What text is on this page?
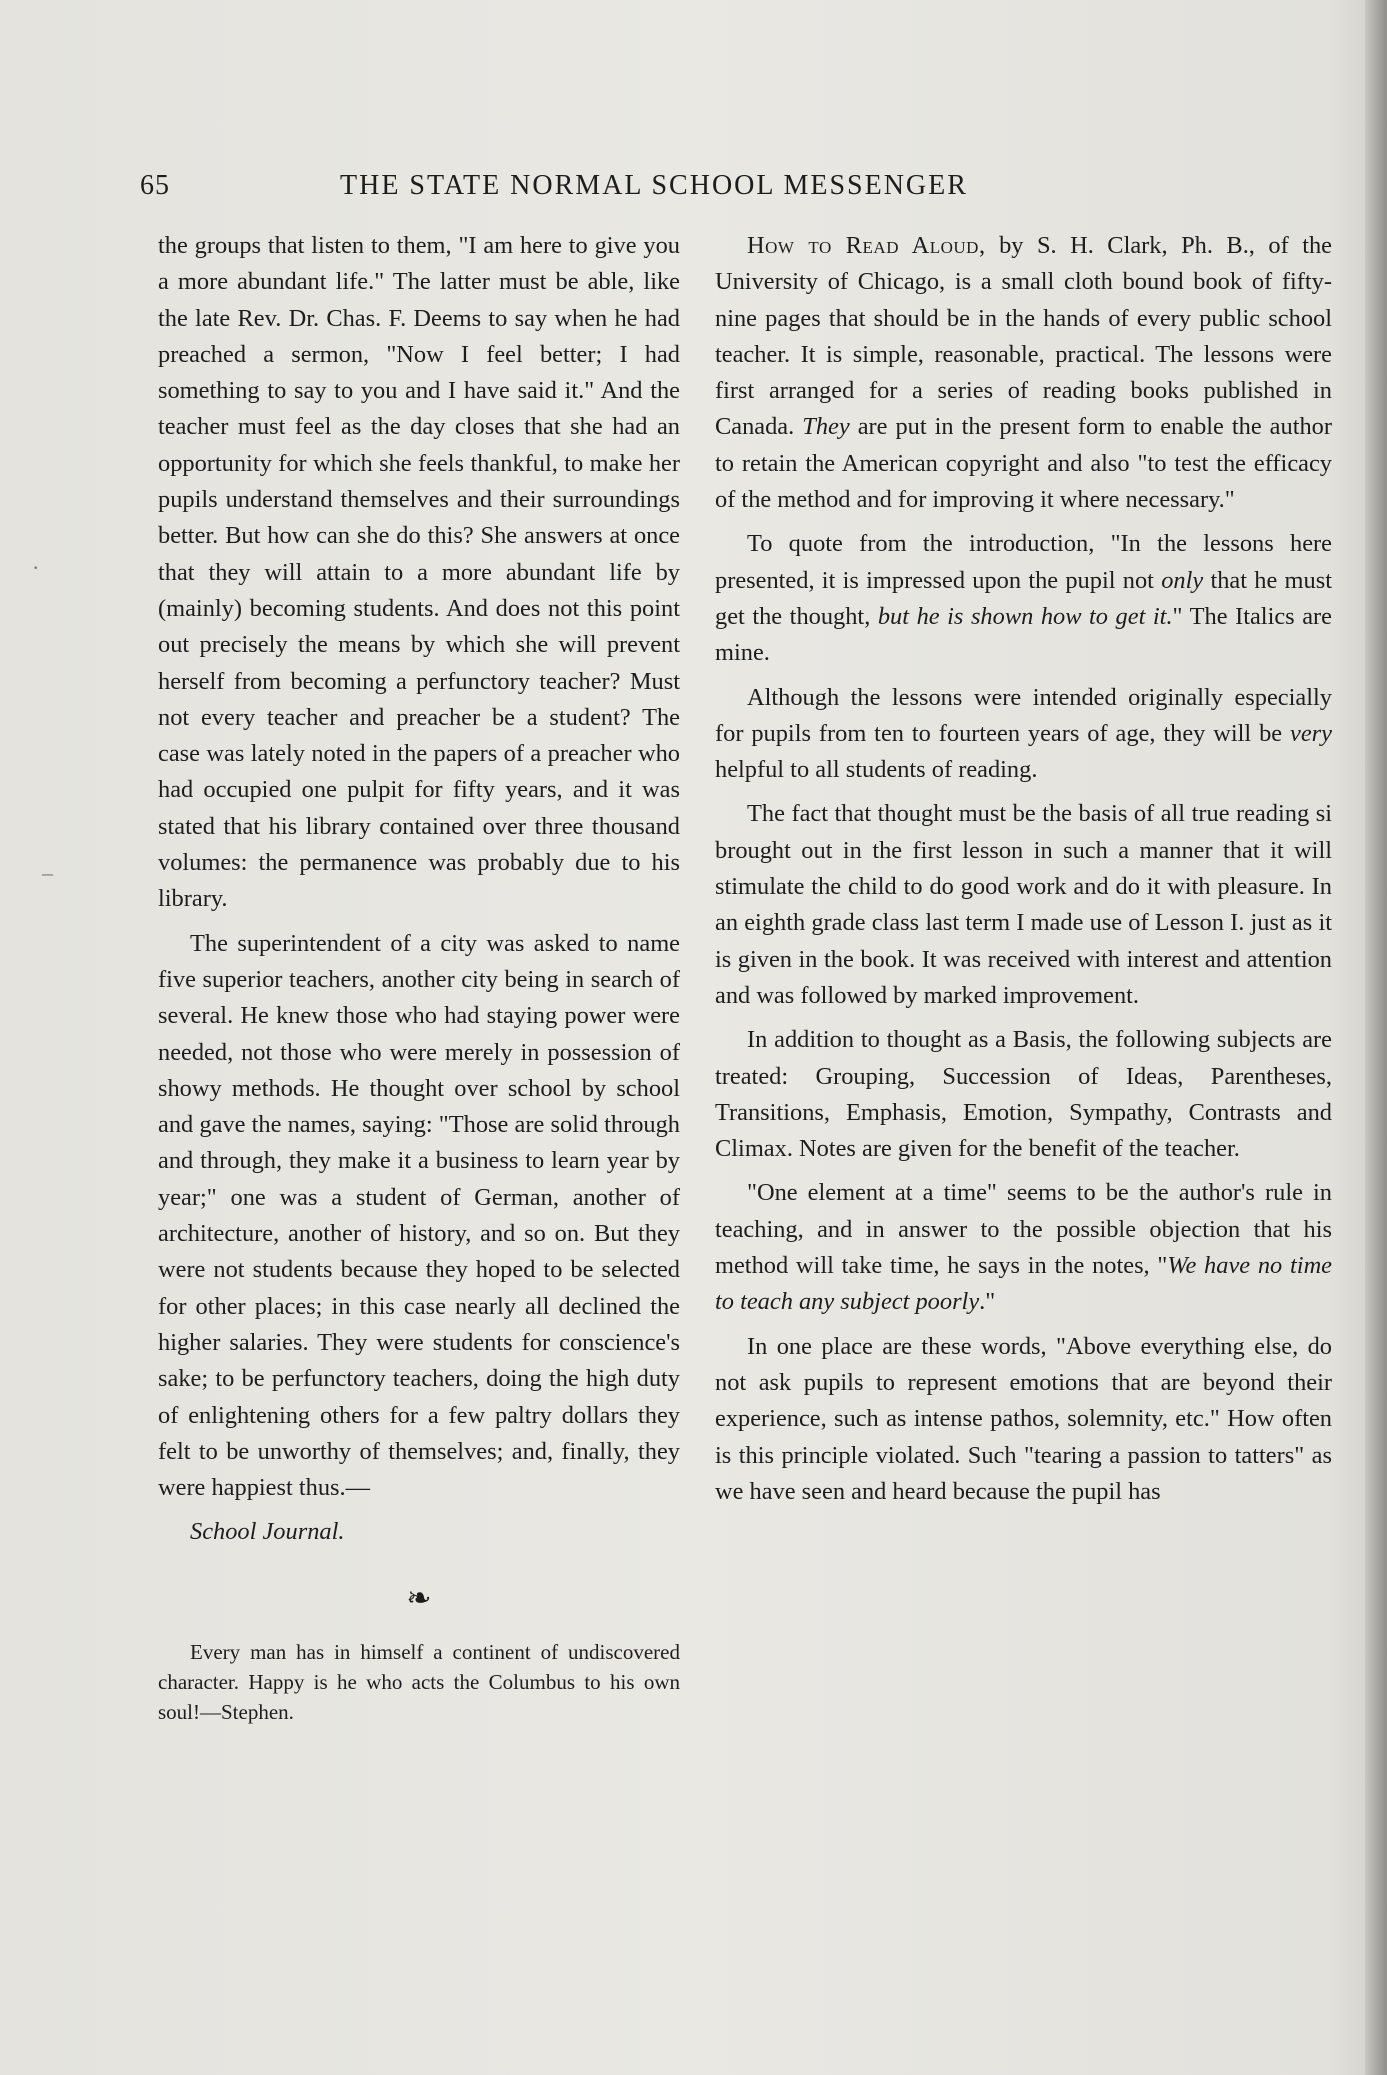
65	THE STATE NORMAL SCHOOL MESSENGER
·
–

the groups that listen to them, "I am here to give you a more abundant life." The latter must be able, like the late Rev. Dr. Chas. F. Deems to say when he had preached a sermon, "Now I feel better; I had something to say to you and I have said it." And the teacher must feel as the day closes that she had an opportunity for which she feels thankful, to make her pupils understand themselves and their surroundings better. But how can she do this? She answers at once that they will attain to a more abundant life by (mainly) becoming students. And does not this point out precisely the means by which she will prevent herself from becoming a perfunctory teacher? Must not every teacher and preacher be a student? The case was lately noted in the papers of a preacher who had occupied one pulpit for fifty years, and it was stated that his library contained over three thousand volumes: the permanence was probably due to his library.

The superintendent of a city was asked to name five superior teachers, another city being in search of several. He knew those who had staying power were needed, not those who were merely in possession of showy methods. He thought over school by school and gave the names, saying: "Those are solid through and through, they make it a business to learn year by year;" one was a student of German, another of architecture, another of history, and so on. But they were not students because they hoped to be selected for other places; in this case nearly all declined the higher salaries. They were students for conscience's sake; to be perfunctory teachers, doing the high duty of enlightening others for a few paltry dollars they felt to be unworthy of themselves; and, finally, they were happiest thus.—

School Journal.

❧

Every man has in himself a continent of undiscovered character. Happy is he who acts the Columbus to his own soul!—Stephen.

How to Read Aloud, by S. H. Clark, Ph. B., of the University of Chicago, is a small cloth bound book of fifty-nine pages that should be in the hands of every public school teacher. It is simple, reasonable, practical. The lessons were first arranged for a series of reading books published in Canada. They are put in the present form to enable the author to retain the American copyright and also "to test the efficacy of the method and for improving it where necessary."

To quote from the introduction, "In the lessons here presented, it is impressed upon the pupil not only that he must get the thought, but he is shown how to get it." The Italics are mine.

Although the lessons were intended originally especially for pupils from ten to fourteen years of age, they will be very helpful to all students of reading.

The fact that thought must be the basis of all true reading si brought out in the first lesson in such a manner that it will stimulate the child to do good work and do it with pleasure. In an eighth grade class last term I made use of Lesson I. just as it is given in the book. It was received with interest and attention and was followed by marked improvement.

In addition to thought as a Basis, the following subjects are treated: Grouping, Succession of Ideas, Parentheses, Transitions, Emphasis, Emotion, Sympathy, Contrasts and Climax. Notes are given for the benefit of the teacher.

"One element at a time" seems to be the author's rule in teaching, and in answer to the possible objection that his method will take time, he says in the notes, "We have no time to teach any subject poorly."

In one place are these words, "Above everything else, do not ask pupils to represent emotions that are beyond their experience, such as intense pathos, solemnity, etc." How often is this principle violated. Such "tearing a passion to tatters" as we have seen and heard because the pupil has
